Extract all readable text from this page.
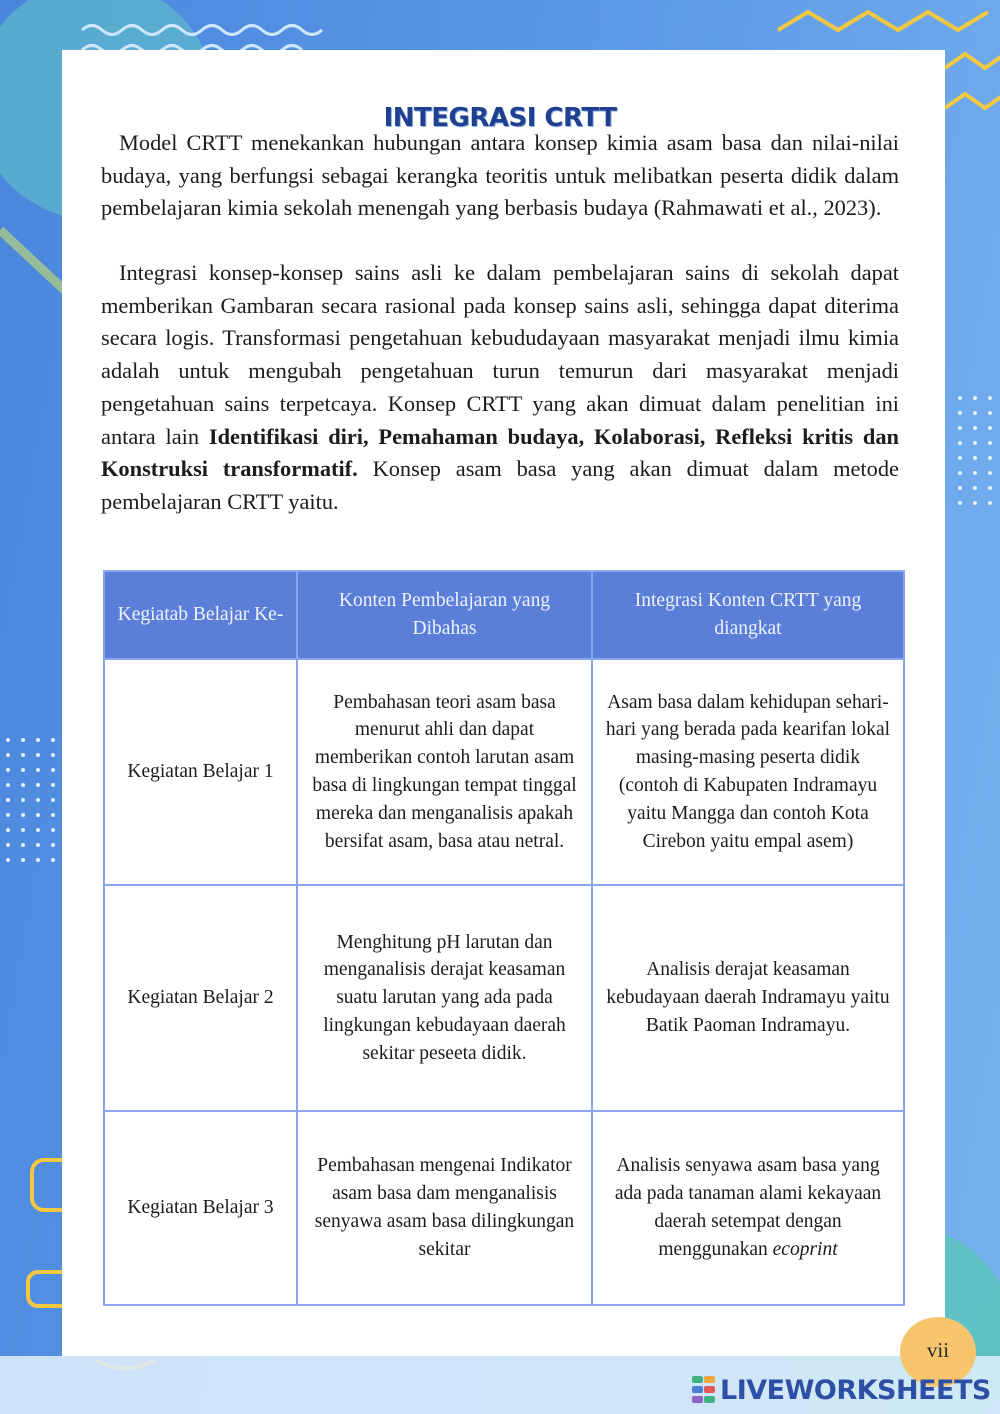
INTEGRASI CRTT

Model CRTT menekankan hubungan antara konsep kimia asam basa dan nilai-nilai budaya, yang berfungsi sebagai kerangka teoritis untuk melibatkan peserta didik dalam pembelajaran kimia sekolah menengah yang berbasis budaya (Rahmawati et al., 2023).

Integrasi konsep-konsep sains asli ke dalam pembelajaran sains di sekolah dapat memberikan Gambaran secara rasional pada konsep sains asli, sehingga dapat diterima secara logis. Transformasi pengetahuan kebududayaan masyarakat menjadi ilmu kimia adalah untuk mengubah pengetahuan turun temurun dari masyarakat menjadi pengetahuan sains terpetcaya. Konsep CRTT yang akan dimuat dalam penelitian ini antara lain Identifikasi diri, Pemahaman budaya, Kolaborasi, Refleksi kritis dan Konstruksi transformatif. Konsep asam basa yang akan dimuat dalam metode pembelajaran CRTT yaitu.

Kegiatab Belajar Ke-	Konten Pembelajaran yang Dibahas	Integrasi Konten CRTT yang diangkat
Kegiatan Belajar 1	Pembahasan teori asam basa menurut ahli dan dapat memberikan contoh larutan asam basa di lingkungan tempat tinggal mereka dan menganalisis apakah bersifat asam, basa atau netral.	Asam basa dalam kehidupan sehari-hari yang berada pada kearifan lokal masing-masing peserta didik (contoh di Kabupaten Indramayu yaitu Mangga dan contoh Kota Cirebon yaitu empal asem)
Kegiatan Belajar 2	Menghitung pH larutan dan menganalisis derajat keasaman suatu larutan yang ada pada lingkungan kebudayaan daerah sekitar peseeta didik.	Analisis derajat keasaman kebudayaan daerah Indramayu yaitu Batik Paoman Indramayu.
Kegiatan Belajar 3	Pembahasan mengenai Indikator asam basa dam menganalisis senyawa asam basa dilingkungan sekitar	Analisis senyawa asam basa yang ada pada tanaman alami kekayaan daerah setempat dengan menggunakan ecoprint
vii
LIVEWORKSHEETS
